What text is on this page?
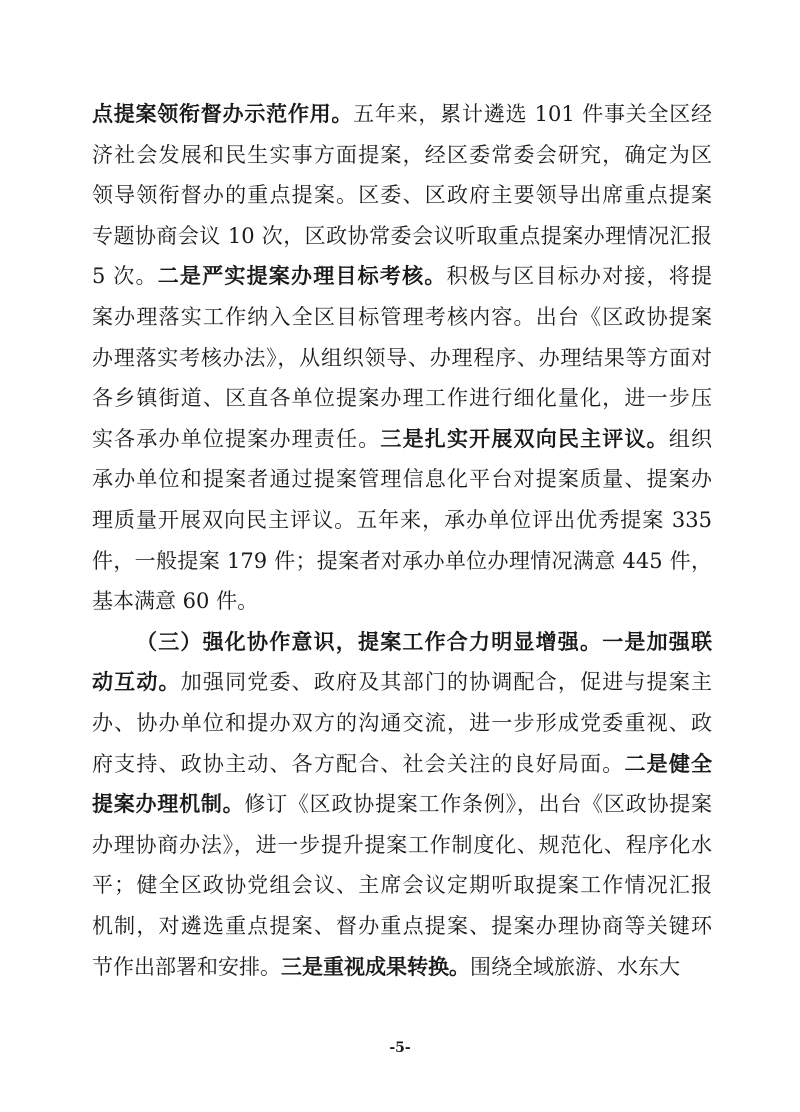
点提案领衔督办示范作用。五年来，累计遴选 101 件事关全区经
济社会发展和民生实事方面提案，经区委常委会研究，确定为区
领导领衔督办的重点提案。区委、区政府主要领导出席重点提案
专题协商会议 10 次，区政协常委会议听取重点提案办理情况汇报
5 次。二是严实提案办理目标考核。积极与区目标办对接，将提
案办理落实工作纳入全区目标管理考核内容。出台《区政协提案
办理落实考核办法》，从组织领导、办理程序、办理结果等方面对
各乡镇街道、区直各单位提案办理工作进行细化量化，进一步压
实各承办单位提案办理责任。三是扎实开展双向民主评议。组织
承办单位和提案者通过提案管理信息化平台对提案质量、提案办
理质量开展双向民主评议。五年来，承办单位评出优秀提案 335
件，一般提案 179 件；提案者对承办单位办理情况满意 445 件，
基本满意 60 件。
（三）强化协作意识，提案工作合力明显增强。一是加强联
动互动。加强同党委、政府及其部门的协调配合，促进与提案主
办、协办单位和提办双方的沟通交流，进一步形成党委重视、政
府支持、政协主动、各方配合、社会关注的良好局面。二是健全
提案办理机制。修订《区政协提案工作条例》，出台《区政协提案
办理协商办法》，进一步提升提案工作制度化、规范化、程序化水
平；健全区政协党组会议、主席会议定期听取提案工作情况汇报
机制，对遴选重点提案、督办重点提案、提案办理协商等关键环
节作出部署和安排。三是重视成果转换。围绕全域旅游、水东大
-5-
